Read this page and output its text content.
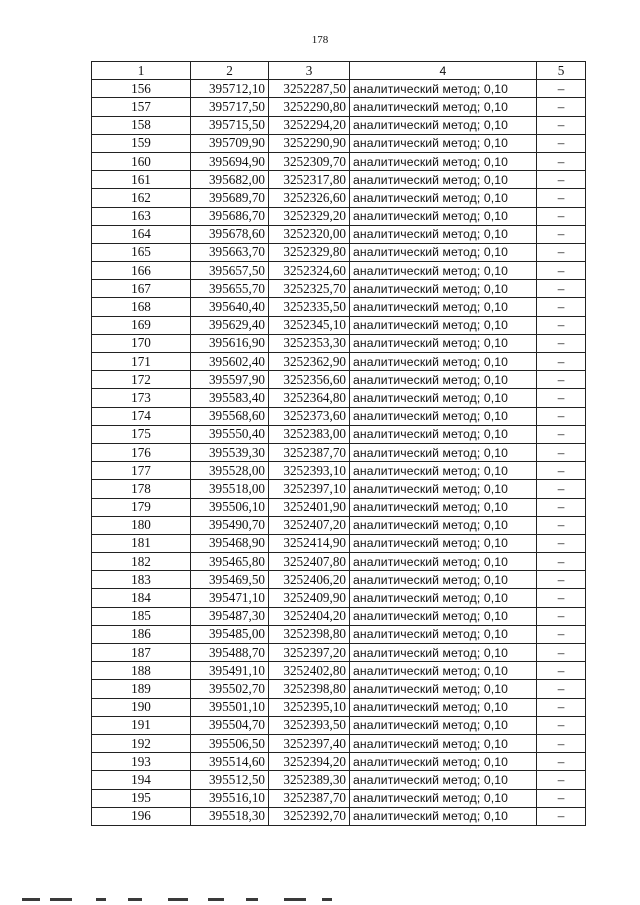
178
1	2	3	4	5
156	395712,10	3252287,50	аналитический метод; 0,10	–
157	395717,50	3252290,80	аналитический метод; 0,10	–
158	395715,50	3252294,20	аналитический метод; 0,10	–
159	395709,90	3252290,90	аналитический метод; 0,10	–
160	395694,90	3252309,70	аналитический метод; 0,10	–
161	395682,00	3252317,80	аналитический метод; 0,10	–
162	395689,70	3252326,60	аналитический метод; 0,10	–
163	395686,70	3252329,20	аналитический метод; 0,10	–
164	395678,60	3252320,00	аналитический метод; 0,10	–
165	395663,70	3252329,80	аналитический метод; 0,10	–
166	395657,50	3252324,60	аналитический метод; 0,10	–
167	395655,70	3252325,70	аналитический метод; 0,10	–
168	395640,40	3252335,50	аналитический метод; 0,10	–
169	395629,40	3252345,10	аналитический метод; 0,10	–
170	395616,90	3252353,30	аналитический метод; 0,10	–
171	395602,40	3252362,90	аналитический метод; 0,10	–
172	395597,90	3252356,60	аналитический метод; 0,10	–
173	395583,40	3252364,80	аналитический метод; 0,10	–
174	395568,60	3252373,60	аналитический метод; 0,10	–
175	395550,40	3252383,00	аналитический метод; 0,10	–
176	395539,30	3252387,70	аналитический метод; 0,10	–
177	395528,00	3252393,10	аналитический метод; 0,10	–
178	395518,00	3252397,10	аналитический метод; 0,10	–
179	395506,10	3252401,90	аналитический метод; 0,10	–
180	395490,70	3252407,20	аналитический метод; 0,10	–
181	395468,90	3252414,90	аналитический метод; 0,10	–
182	395465,80	3252407,80	аналитический метод; 0,10	–
183	395469,50	3252406,20	аналитический метод; 0,10	–
184	395471,10	3252409,90	аналитический метод; 0,10	–
185	395487,30	3252404,20	аналитический метод; 0,10	–
186	395485,00	3252398,80	аналитический метод; 0,10	–
187	395488,70	3252397,20	аналитический метод; 0,10	–
188	395491,10	3252402,80	аналитический метод; 0,10	–
189	395502,70	3252398,80	аналитический метод; 0,10	–
190	395501,10	3252395,10	аналитический метод; 0,10	–
191	395504,70	3252393,50	аналитический метод; 0,10	–
192	395506,50	3252397,40	аналитический метод; 0,10	–
193	395514,60	3252394,20	аналитический метод; 0,10	–
194	395512,50	3252389,30	аналитический метод; 0,10	–
195	395516,10	3252387,70	аналитический метод; 0,10	–
196	395518,30	3252392,70	аналитический метод; 0,10	–
